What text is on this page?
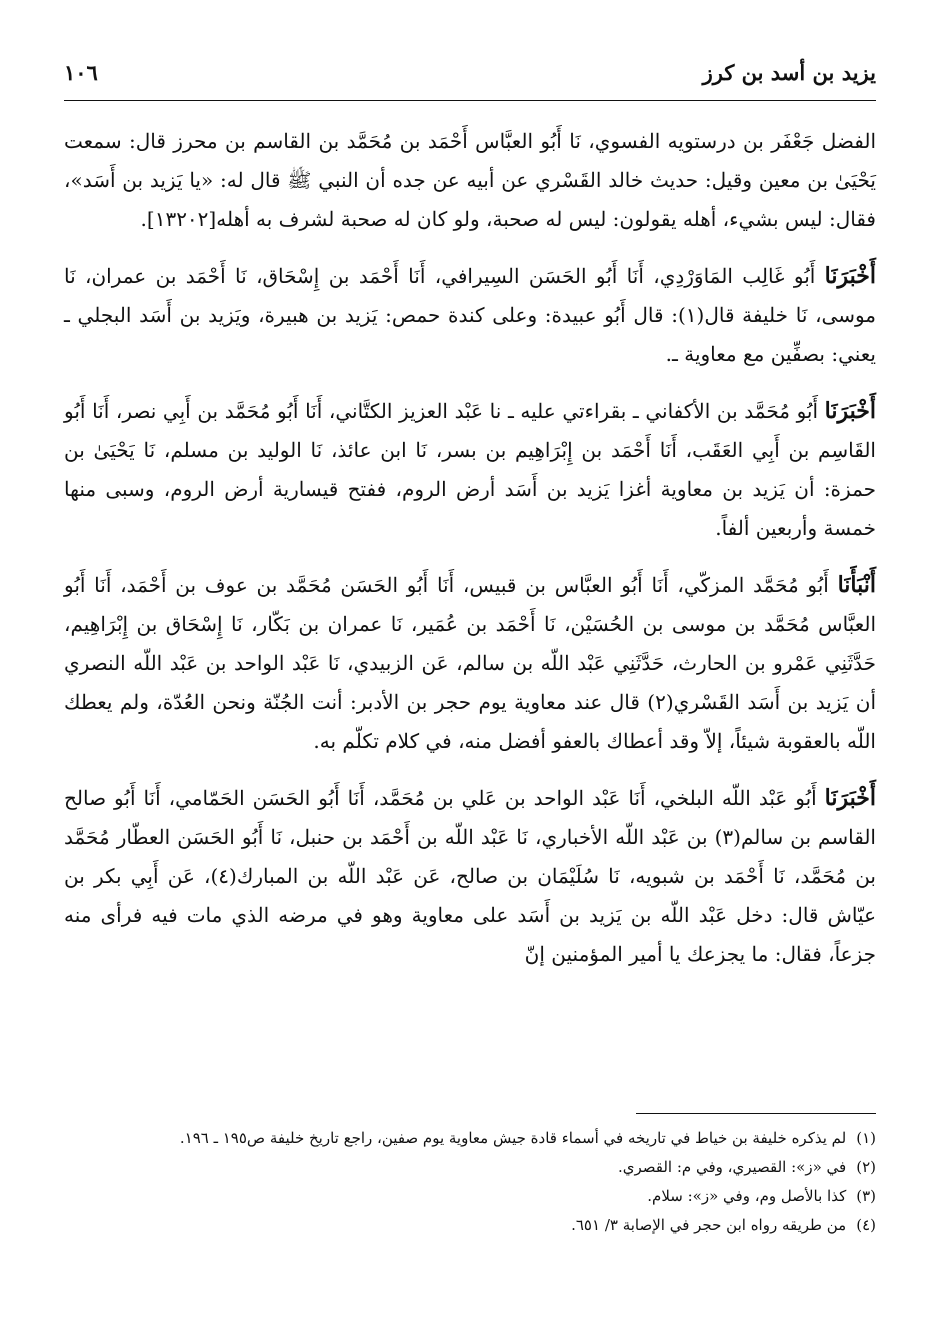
يزيد بن أسد بن كرز
١٠٦

الفضل جَعْفَر بن درستويه الفسوي، نَا أَبُو العبَّاس أَحْمَد بن مُحَمَّد بن القاسم بن محرز قال: سمعت يَحْيَىٰ بن معين وقيل: حديث خالد القَسْري عن أبيه عن جده أن النبي ﷺ قال له: «يا يَزيد بن أَسَد»، فقال: ليس بشيء، أهله يقولون: ليس له صحبة، ولو كان له صحبة لشرف به أهله[١٣٢٠٢].

أَخْبَرَنَا أَبُو غَالِب المَاوَرْدِي، أَنَا أَبُو الحَسَن السِيرافي، أَنَا أَحْمَد بن إِسْحَاق، نَا أَحْمَد بن عمران، نَا موسى، نَا خليفة قال(١): قال أَبُو عبيدة: وعلى كندة حمص: يَزيد بن هبيرة، ويَزيد بن أَسَد البجلي ـ يعني: بصفِّين مع معاوية ـ.

أَخْبَرَنَا أَبُو مُحَمَّد بن الأكفاني ـ بقراءتي عليه ـ نا عَبْد العزيز الكتَّاني، أَنَا أَبُو مُحَمَّد بن أَبِي نصر، أَنَا أَبُو القَاسِم بن أَبِي العَقَب، أَنَا أَحْمَد بن إِبْرَاهِيم بن بسر، نَا ابن عائذ، نَا الوليد بن مسلم، نَا يَحْيَىٰ بن حمزة: أن يَزيد بن معاوية أغزا يَزيد بن أَسَد أرض الروم، ففتح قيسارية أرض الروم، وسبى منها خمسة وأربعين ألفاً.

أَنْبَأَنَا أَبُو مُحَمَّد المزكّي، أَنَا أَبُو العبَّاس بن قبيس، أَنَا أَبُو الحَسَن مُحَمَّد بن عوف بن أَحْمَد، أَنَا أَبُو العبَّاس مُحَمَّد بن موسى بن الحُسَيْن، نَا أَحْمَد بن عُمَير، نَا عمران بن بَكّار، نَا إِسْحَاق بن إِبْرَاهِيم، حَدَّثَنِي عَمْرو بن الحارث، حَدَّثَنِي عَبْد اللّه بن سالم، عَن الزبيدي، نَا عَبْد الواحد بن عَبْد اللّه النصري أن يَزيد بن أَسَد القَسْري(٢) قال عند معاوية يوم حجر بن الأدبر: أنت الجُنّة ونحن العُدّة، ولم يعطك اللّه بالعقوبة شيئاً، إلاّ وقد أعطاك بالعفو أفضل منه، في كلام تكلّم به.

أَخْبَرَنَا أَبُو عَبْد اللّه البلخي، أَنَا عَبْد الواحد بن عَلي بن مُحَمَّد، أَنَا أَبُو الحَسَن الحَمّامي، أَنَا أَبُو صالح القاسم بن سالم(٣) بن عَبْد اللّه الأخباري، نَا عَبْد اللّه بن أَحْمَد بن حنبل، نَا أَبُو الحَسَن العطّار مُحَمَّد بن مُحَمَّد، نَا أَحْمَد بن شبويه، نَا سُلَيْمَان بن صالح، عَن عَبْد اللّه بن المبارك(٤)، عَن أَبِي بكر بن عيّاش قال: دخل عَبْد اللّه بن يَزيد بن أَسَد على معاوية وهو في مرضه الذي مات فيه فرأى منه جزعاً، فقال: ما يجزعك يا أمير المؤمنين إنّ

(١)
لم يذكره خليفة بن خياط في تاريخه في أسماء قادة جيش معاوية يوم صفين، راجع تاريخ خليفة ص١٩٥ ـ ١٩٦.
(٢)
في «ز»: القصيري، وفي م: القصري.
(٣)
كذا بالأصل وم، وفي «ز»: سلام.
(٤)
من طريقه رواه ابن حجر في الإصابة ٣/ ٦٥١.
